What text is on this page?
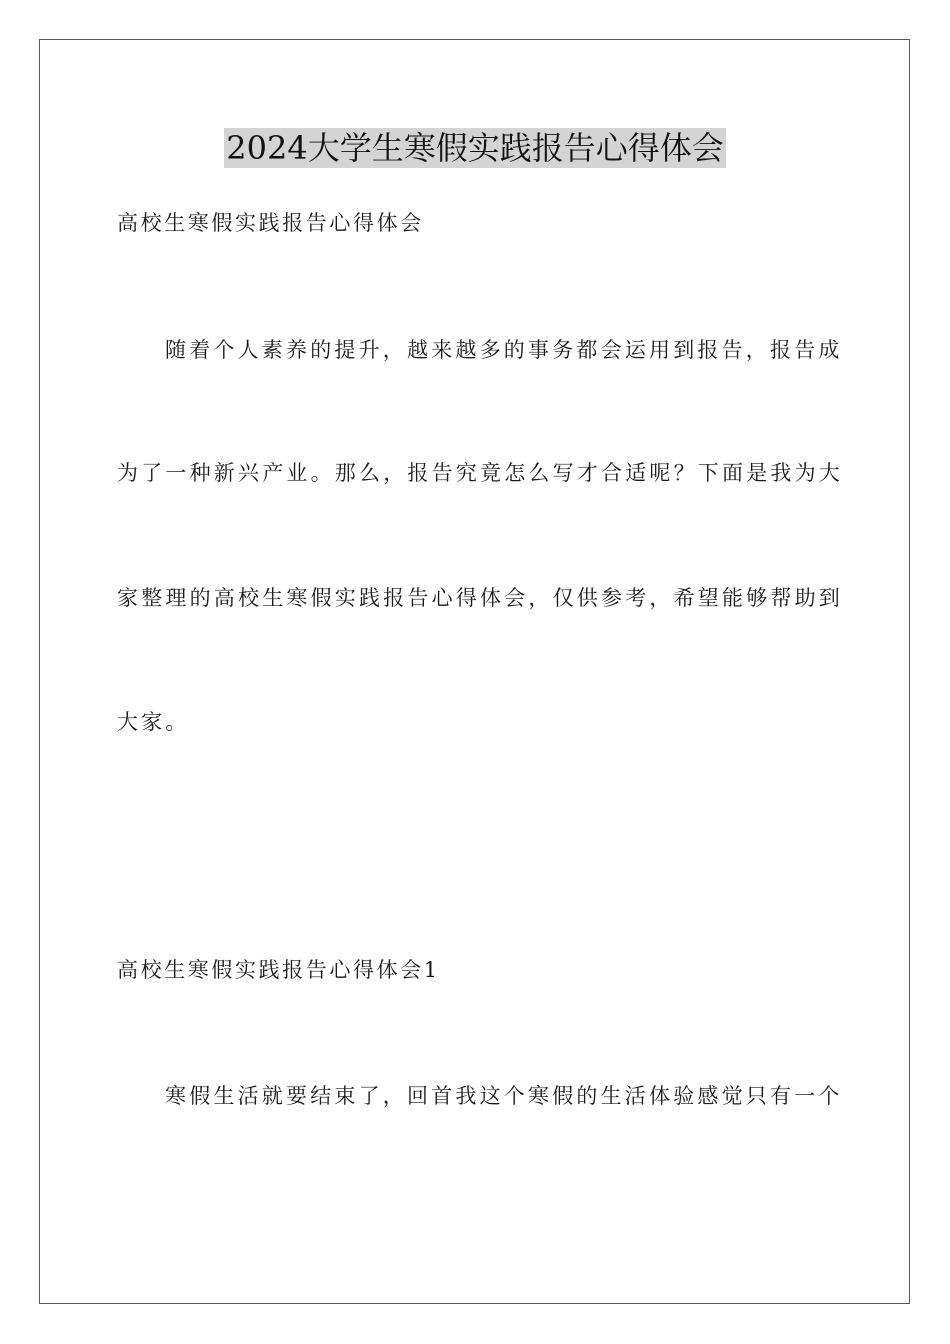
2024大学生寒假实践报告心得体会
高校生寒假实践报告心得体会
随着个人素养的提升，越来越多的事务都会运用到报告，报告成
为了一种新兴产业。那么，报告究竟怎么写才合适呢？下面是我为大
家整理的高校生寒假实践报告心得体会，仅供参考，希望能够帮助到
大家。
高校生寒假实践报告心得体会1
寒假生活就要结束了，回首我这个寒假的生活体验感觉只有一个
